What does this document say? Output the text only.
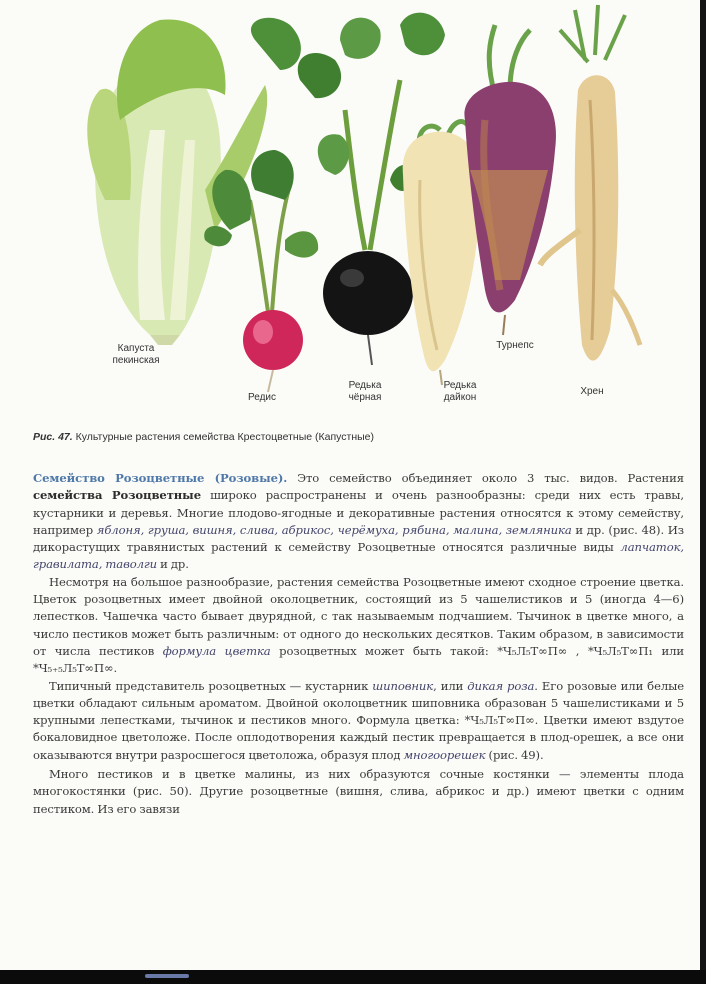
Капуста
пекинская
Редис
Редька
чёрная
Редька
дайкон
Турнепс
Хрен
Рис. 47. Культурные растения семейства Крестоцветные (Капустные)

Семейство Розоцветные (Розовые). Это семейство объединяет около 3 тыс. видов. Растения семейства Розоцветные широко распространены и очень разнообразны: среди них есть травы, кустарники и деревья. Многие плодово-ягодные и декоративные растения относятся к этому семейству, например яблоня, груша, вишня, слива, абрикос, черёмуха, рябина, малина, земляника и др. (рис. 48). Из дикорастущих травянистых растений к семейству Розоцветные относятся различные виды лапчаток, гравилата, таволги и др.

Несмотря на большое разнообразие, растения семейства Розоцветные имеют сходное строение цветка. Цветок розоцветных имеет двойной околоцветник, состоящий из 5 чашелистиков и 5 (иногда 4—6) лепестков. Чашечка часто бывает двурядной, с так называемым подчашием. Тычинок в цветке много, а число пестиков может быть различным: от одного до нескольких десятков. Таким образом, в зависимости от числа пестиков формула цветка розоцветных может быть такой: *Ч₅Л₅Т∞П∞ , *Ч₅Л₅Т∞П₁ или *Ч₅₊₅Л₅Т∞П∞.

Типичный представитель розоцветных — кустарник шиповник, или дикая роза. Его розовые или белые цветки обладают сильным ароматом. Двойной околоцветник шиповника образован 5 чашелистиками и 5 крупными лепестками, тычинок и пестиков много. Формула цветка: *Ч₅Л₅Т∞П∞. Цветки имеют вздутое бокаловидное цветоложе. После оплодотворения каждый пестик превращается в плод-орешек, а все они оказываются внутри разросшегося цветоложа, образуя плод многоорешек (рис. 49).

Много пестиков и в цветке малины, из них образуются сочные костянки — элементы плода многокостянки (рис. 50). Другие розоцветные (вишня, слива, абрикос и др.) имеют цветки с одним пестиком. Из его завязи
